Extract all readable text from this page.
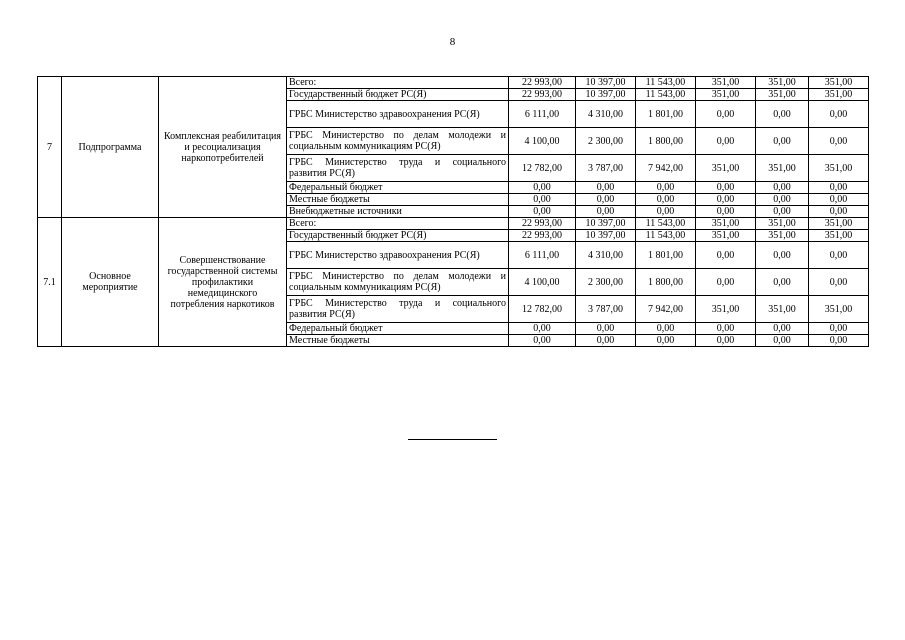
8
7	Подпрограмма	Комплексная реабилитация и ресоциализация наркопотребителей	Всего:	22 993,00	10 397,00	11 543,00	351,00	351,00	351,00
			Государственный бюджет РС(Я)	22 993,00	10 397,00	11 543,00	351,00	351,00	351,00
			ГРБС Министерство здравоохранения РС(Я)	6 111,00	4 310,00	1 801,00	0,00	0,00	0,00
			ГРБС Министерство по делам молодежи и социальным коммуникациям РС(Я)	4 100,00	2 300,00	1 800,00	0,00	0,00	0,00
			ГРБС Министерство труда и социального развития РС(Я)	12 782,00	3 787,00	7 942,00	351,00	351,00	351,00
			Федеральный бюджет	0,00	0,00	0,00	0,00	0,00	0,00
			Местные бюджеты	0,00	0,00	0,00	0,00	0,00	0,00
			Внебюджетные источники	0,00	0,00	0,00	0,00	0,00	0,00
7.1	Основное мероприятие	Совершенствование государственной системы профилактики немедицинского потребления наркотиков	Всего:	22 993,00	10 397,00	11 543,00	351,00	351,00	351,00
			Государственный бюджет РС(Я)	22 993,00	10 397,00	11 543,00	351,00	351,00	351,00
			ГРБС Министерство здравоохранения РС(Я)	6 111,00	4 310,00	1 801,00	0,00	0,00	0,00
			ГРБС Министерство по делам молодежи и социальным коммуникациям РС(Я)	4 100,00	2 300,00	1 800,00	0,00	0,00	0,00
			ГРБС Министерство труда и социального развития РС(Я)	12 782,00	3 787,00	7 942,00	351,00	351,00	351,00
			Федеральный бюджет	0,00	0,00	0,00	0,00	0,00	0,00
			Местные бюджеты	0,00	0,00	0,00	0,00	0,00	0,00
